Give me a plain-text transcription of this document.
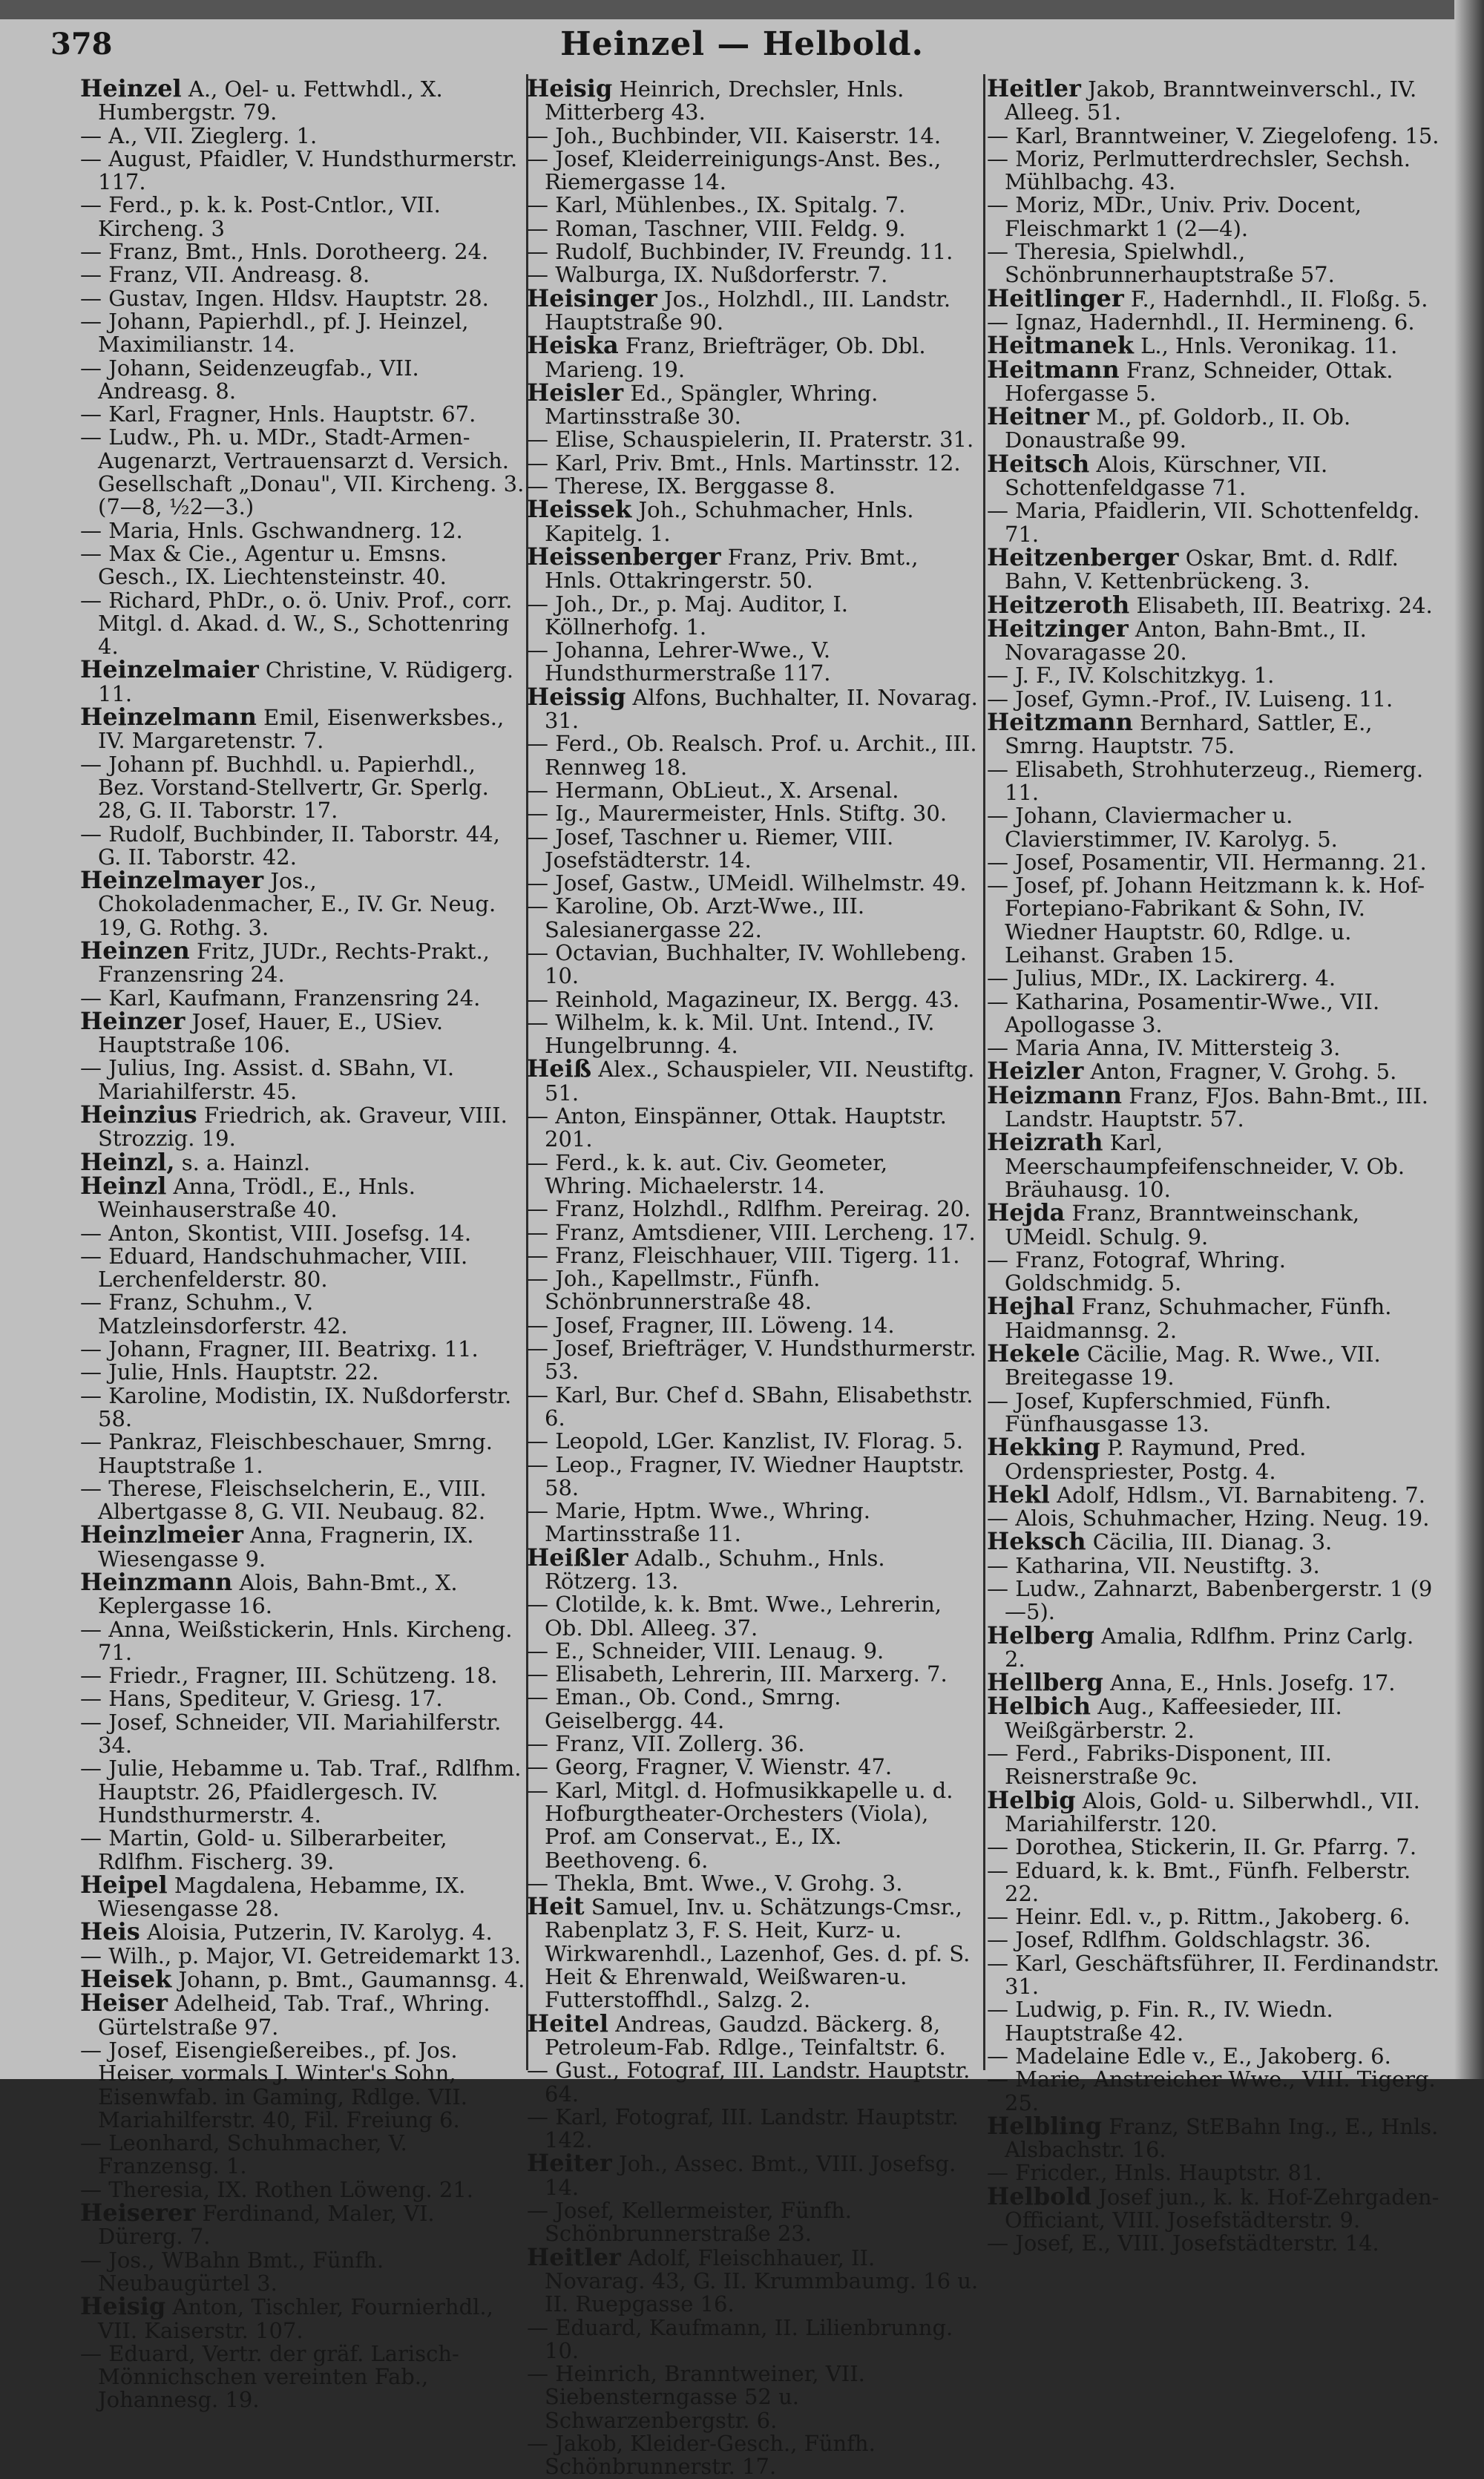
378	Heinzel — Helbold.

Heinzel A., Oel- u. Fettwhdl., X. Humbergstr. 79.

— A., VII. Zieglerg. 1.

— August, Pfaidler, V. Hundsthurmerstr. 117.

— Ferd., p. k. k. Post-Cntlor., VII. Kircheng. 3

— Franz, Bmt., Hnls. Dorotheerg. 24.

— Franz, VII. Andreasg. 8.

— Gustav, Ingen. Hldsv. Hauptstr. 28.

— Johann, Papierhdl., pf. J. Heinzel, Maximilianstr. 14.

— Johann, Seidenzeugfab., VII. Andreasg. 8.

— Karl, Fragner, Hnls. Hauptstr. 67.

— Ludw., Ph. u. MDr., Stadt-Armen-Augenarzt, Vertrauensarzt d. Versich. Gesellschaft „Donau", VII. Kircheng. 3. (7—8, ½2—3.)

— Maria, Hnls. Gschwandnerg. 12.

— Max & Cie., Agentur u. Emsns. Gesch., IX. Liechtensteinstr. 40.

— Richard, PhDr., o. ö. Univ. Prof., corr. Mitgl. d. Akad. d. W., S., Schottenring 4.

Heinzelmaier Christine, V. Rüdigerg. 11.

Heinzelmann Emil, Eisenwerksbes., IV. Margaretenstr. 7.

— Johann pf. Buchhdl. u. Papierhdl., Bez. Vorstand-Stellvertr, Gr. Sperlg. 28, G. II. Taborstr. 17.

— Rudolf, Buchbinder, II. Taborstr. 44, G. II. Taborstr. 42.

Heinzelmayer Jos., Chokoladenmacher, E., IV. Gr. Neug. 19, G. Rothg. 3.

Heinzen Fritz, JUDr., Rechts-Prakt., Franzensring 24.

— Karl, Kaufmann, Franzensring 24.

Heinzer Josef, Hauer, E., USiev. Hauptstraße 106.

— Julius, Ing. Assist. d. SBahn, VI. Mariahilferstr. 45.

Heinzius Friedrich, ak. Graveur, VIII. Strozzig. 19.

Heinzl, s. a. Hainzl.

Heinzl Anna, Trödl., E., Hnls. Weinhauserstraße 40.

— Anton, Skontist, VIII. Josefsg. 14.

— Eduard, Handschuhmacher, VIII. Lerchenfelderstr. 80.

— Franz, Schuhm., V. Matzleinsdorferstr. 42.

— Johann, Fragner, III. Beatrixg. 11.

— Julie, Hnls. Hauptstr. 22.

— Karoline, Modistin, IX. Nußdorferstr. 58.

— Pankraz, Fleischbeschauer, Smrng. Hauptstraße 1.

— Therese, Fleischselcherin, E., VIII. Albertgasse 8, G. VII. Neubaug. 82.

Heinzlmeier Anna, Fragnerin, IX. Wiesengasse 9.

Heinzmann Alois, Bahn-Bmt., X. Keplergasse 16.

— Anna, Weißstickerin, Hnls. Kircheng. 71.

— Friedr., Fragner, III. Schützeng. 18.

— Hans, Spediteur, V. Griesg. 17.

— Josef, Schneider, VII. Mariahilferstr. 34.

— Julie, Hebamme u. Tab. Traf., Rdlfhm. Hauptstr. 26, Pfaidlergesch. IV. Hundsthurmerstr. 4.

— Martin, Gold- u. Silberarbeiter, Rdlfhm. Fischerg. 39.

Heipel Magdalena, Hebamme, IX. Wiesengasse 28.

Heis Aloisia, Putzerin, IV. Karolyg. 4.

— Wilh., p. Major, VI. Getreidemarkt 13.

Heisek Johann, p. Bmt., Gaumannsg. 4.

Heiser Adelheid, Tab. Traf., Whring. Gürtelstraße 97.

— Josef, Eisengießereibes., pf. Jos. Heiser, vormals J. Winter's Sohn, Eisenwfab. in Gaming, Rdlge. VII. Mariahilferstr. 40, Fil. Freiung 6.

— Leonhard, Schuhmacher, V. Franzensg. 1.

— Theresia, IX. Rothen Löweng. 21.

Heiserer Ferdinand, Maler, VI. Dürerg. 7.

— Jos., WBahn Bmt., Fünfh. Neubaugürtel 3.

Heisig Anton, Tischler, Fournierhdl., VII. Kaiserstr. 107.

— Eduard, Vertr. der gräf. Larisch-Mönnichschen vereinten Fab., Johannesg. 19.

Heisig Heinrich, Drechsler, Hnls. Mitterberg 43.

— Joh., Buchbinder, VII. Kaiserstr. 14.

— Josef, Kleiderreinigungs-Anst. Bes., Riemergasse 14.

— Karl, Mühlenbes., IX. Spitalg. 7.

— Roman, Taschner, VIII. Feldg. 9.

— Rudolf, Buchbinder, IV. Freundg. 11.

— Walburga, IX. Nußdorferstr. 7.

Heisinger Jos., Holzhdl., III. Landstr. Hauptstraße 90.

Heiska Franz, Briefträger, Ob. Dbl. Marieng. 19.

Heisler Ed., Spängler, Whring. Martinsstraße 30.

— Elise, Schauspielerin, II. Praterstr. 31.

— Karl, Priv. Bmt., Hnls. Martinsstr. 12.

— Therese, IX. Berggasse 8.

Heissek Joh., Schuhmacher, Hnls. Kapitelg. 1.

Heissenberger Franz, Priv. Bmt., Hnls. Ottakringerstr. 50.

— Joh., Dr., p. Maj. Auditor, I. Köllnerhofg. 1.

— Johanna, Lehrer-Wwe., V. Hundsthurmerstraße 117.

Heissig Alfons, Buchhalter, II. Novarag. 31.

— Ferd., Ob. Realsch. Prof. u. Archit., III. Rennweg 18.

— Hermann, ObLieut., X. Arsenal.

— Ig., Maurermeister, Hnls. Stiftg. 30.

— Josef, Taschner u. Riemer, VIII. Josefstädterstr. 14.

— Josef, Gastw., UMeidl. Wilhelmstr. 49.

— Karoline, Ob. Arzt-Wwe., III. Salesianergasse 22.

— Octavian, Buchhalter, IV. Wohllebeng. 10.

— Reinhold, Magazineur, IX. Bergg. 43.

— Wilhelm, k. k. Mil. Unt. Intend., IV. Hungelbrunng. 4.

Heiß Alex., Schauspieler, VII. Neustiftg. 51.

— Anton, Einspänner, Ottak. Hauptstr. 201.

— Ferd., k. k. aut. Civ. Geometer, Whring. Michaelerstr. 14.

— Franz, Holzhdl., Rdlfhm. Pereirag. 20.

— Franz, Amtsdiener, VIII. Lercheng. 17.

— Franz, Fleischhauer, VIII. Tigerg. 11.

— Joh., Kapellmstr., Fünfh. Schönbrunnerstraße 48.

— Josef, Fragner, III. Löweng. 14.

— Josef, Briefträger, V. Hundsthurmerstr. 53.

— Karl, Bur. Chef d. SBahn, Elisabethstr. 6.

— Leopold, LGer. Kanzlist, IV. Florag. 5.

— Leop., Fragner, IV. Wiedner Hauptstr. 58.

— Marie, Hptm. Wwe., Whring. Martinsstraße 11.

Heißler Adalb., Schuhm., Hnls. Rötzerg. 13.

— Clotilde, k. k. Bmt. Wwe., Lehrerin, Ob. Dbl. Alleeg. 37.

— E., Schneider, VIII. Lenaug. 9.

— Elisabeth, Lehrerin, III. Marxerg. 7.

— Eman., Ob. Cond., Smrng. Geiselbergg. 44.

— Franz, VII. Zollerg. 36.

— Georg, Fragner, V. Wienstr. 47.

— Karl, Mitgl. d. Hofmusikkapelle u. d. Hofburgtheater-Orchesters (Viola), Prof. am Conservat., E., IX. Beethoveng. 6.

— Thekla, Bmt. Wwe., V. Grohg. 3.

Heit Samuel, Inv. u. Schätzungs-Cmsr., Rabenplatz 3, F. S. Heit, Kurz- u. Wirkwarenhdl., Lazenhof, Ges. d. pf. S. Heit & Ehrenwald, Weißwaren-u. Futterstoffhdl., Salzg. 2.

Heitel Andreas, Gaudzd. Bäckerg. 8, Petroleum-Fab. Rdlge., Teinfaltstr. 6.

— Gust., Fotograf, III. Landstr. Hauptstr. 64.

— Karl, Fotograf, III. Landstr. Hauptstr. 142.

Heiter Joh., Assec. Bmt., VIII. Josefsg. 14.

— Josef, Kellermeister, Fünfh. Schönbrunnerstraße 23.

Heitler Adolf, Fleischhauer, II. Novarag. 43, G. II. Krummbaumg. 16 u. II. Ruepgasse 16.

— Eduard, Kaufmann, II. Lilienbrunng. 10.

— Heinrich, Branntweiner, VII. Siebensterngasse 52 u. Schwarzenbergstr. 6.

— Jakob, Kleider-Gesch., Fünfh. Schönbrunnerstr. 17.

Heitler Jakob, Branntweinverschl., IV. Alleeg. 51.

— Karl, Branntweiner, V. Ziegelofeng. 15.

— Moriz, Perlmutterdrechsler, Sechsh. Mühlbachg. 43.

— Moriz, MDr., Univ. Priv. Docent, Fleischmarkt 1 (2—4).

— Theresia, Spielwhdl., Schönbrunnerhauptstraße 57.

Heitlinger F., Hadernhdl., II. Floßg. 5.

— Ignaz, Hadernhdl., II. Hermineng. 6.

Heitmanek L., Hnls. Veronikag. 11.

Heitmann Franz, Schneider, Ottak. Hofergasse 5.

Heitner M., pf. Goldorb., II. Ob. Donaustraße 99.

Heitsch Alois, Kürschner, VII. Schottenfeldgasse 71.

— Maria, Pfaidlerin, VII. Schottenfeldg. 71.

Heitzenberger Oskar, Bmt. d. Rdlf. Bahn, V. Kettenbrückeng. 3.

Heitzeroth Elisabeth, III. Beatrixg. 24.

Heitzinger Anton, Bahn-Bmt., II. Novaragasse 20.

— J. F., IV. Kolschitzkyg. 1.

— Josef, Gymn.-Prof., IV. Luiseng. 11.

Heitzmann Bernhard, Sattler, E., Smrng. Hauptstr. 75.

— Elisabeth, Strohhuterzeug., Riemerg. 11.

— Johann, Claviermacher u. Clavierstimmer, IV. Karolyg. 5.

— Josef, Posamentir, VII. Hermanng. 21.

— Josef, pf. Johann Heitzmann k. k. Hof-Fortepiano-Fabrikant & Sohn, IV. Wiedner Hauptstr. 60, Rdlge. u. Leihanst. Graben 15.

— Julius, MDr., IX. Lackirerg. 4.

— Katharina, Posamentir-Wwe., VII. Apollogasse 3.

— Maria Anna, IV. Mittersteig 3.

Heizler Anton, Fragner, V. Grohg. 5.

Heizmann Franz, FJos. Bahn-Bmt., III. Landstr. Hauptstr. 57.

Heizrath Karl, Meerschaumpfeifenschneider, V. Ob. Bräuhausg. 10.

Hejda Franz, Branntweinschank, UMeidl. Schulg. 9.

— Franz, Fotograf, Whring. Goldschmidg. 5.

Hejhal Franz, Schuhmacher, Fünfh. Haidmannsg. 2.

Hekele Cäcilie, Mag. R. Wwe., VII. Breitegasse 19.

— Josef, Kupferschmied, Fünfh. Fünfhausgasse 13.

Hekking P. Raymund, Pred. Ordenspriester, Postg. 4.

Hekl Adolf, Hdlsm., VI. Barnabiteng. 7.

— Alois, Schuhmacher, Hzing. Neug. 19.

Heksch Cäcilia, III. Dianag. 3.

— Katharina, VII. Neustiftg. 3.

— Ludw., Zahnarzt, Babenbergerstr. 1 (9—5).

Helberg Amalia, Rdlfhm. Prinz Carlg. 2.

Hellberg Anna, E., Hnls. Josefg. 17.

Helbich Aug., Kaffeesieder, III. Weißgärberstr. 2.

— Ferd., Fabriks-Disponent, III. Reisnerstraße 9c.

Helbig Alois, Gold- u. Silberwhdl., VII. Mariahilferstr. 120.

— Dorothea, Stickerin, II. Gr. Pfarrg. 7.

— Eduard, k. k. Bmt., Fünfh. Felberstr. 22.

— Heinr. Edl. v., p. Rittm., Jakoberg. 6.

— Josef, Rdlfhm. Goldschlagstr. 36.

— Karl, Geschäftsführer, II. Ferdinandstr. 31.

— Ludwig, p. Fin. R., IV. Wiedn. Hauptstraße 42.

— Madelaine Edle v., E., Jakoberg. 6.

— Marie, Anstreicher Wwe., VIII. Tigerg. 25.

Helbling Franz, StEBahn Ing., E., Hnls. Alsbachstr. 16.

— Fricder., Hnls. Hauptstr. 81.

Helbold Josef jun., k. k. Hof-Zehrgaden-Officiant, VIII. Josefstädterstr. 9.

— Josef, E., VIII. Josefstädterstr. 14.
